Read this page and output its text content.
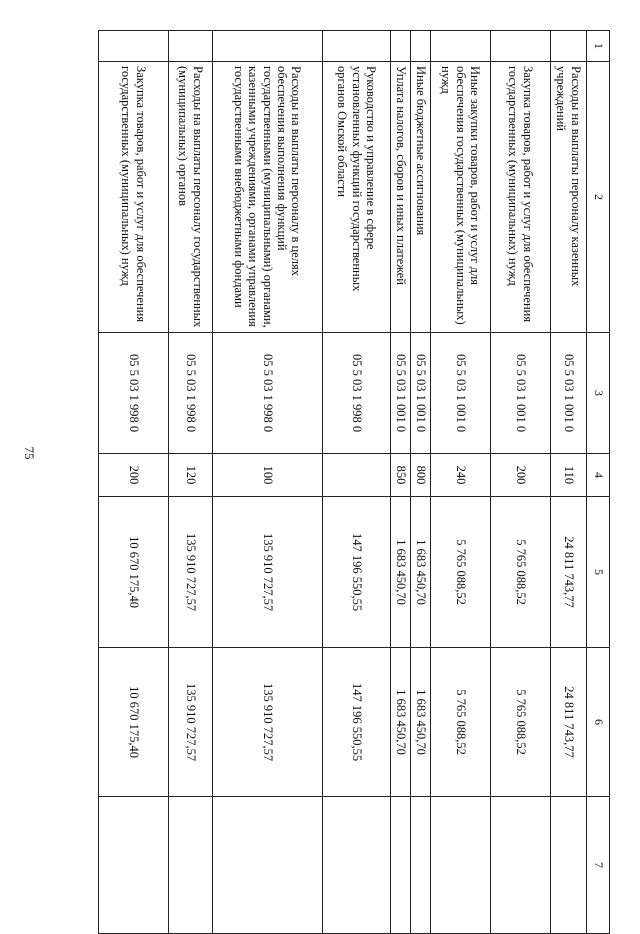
75
1	2	3	4	5	6	7
	Расходы на выплаты персоналу казенных учреждений	05 5 03 1 001 0	110	24 811 743,77	24 811 743,77	
	Закупка товаров, работ и услуг для обеспечения государственных (муниципальных) нужд	05 5 03 1 001 0	200	5 765 088,52	5 765 088,52	
	Иные закупки товаров, работ и услуг для обеспечения государственных (муниципальных) нужд	05 5 03 1 001 0	240	5 765 088,52	5 765 088,52	
	Иные бюджетные ассигнования	05 5 03 1 001 0	800	1 683 450,70	1 683 450,70	
	Уплата налогов, сборов и иных платежей	05 5 03 1 001 0	850	1 683 450,70	1 683 450,70	
	Руководство и управление в сфере установленных функций государственных органов Омской области	05 5 03 1 998 0		147 196 550,55	147 196 550,55	
	Расходы на выплаты персоналу в целях обеспечения выполнения функций государственными (муниципальными) органами, казенными учреждениями, органами управления государственными внебюджетными фондами	05 5 03 1 998 0	100	135 910 727,57	135 910 727,57	
	Расходы на выплаты персоналу государственных (муниципальных) органов	05 5 03 1 998 0	120	135 910 727,57	135 910 727,57	
	Закупка товаров, работ и услуг для обеспечения государственных (муниципальных) нужд	05 5 03 1 998 0	200	10 670 175,40	10 670 175,40	
